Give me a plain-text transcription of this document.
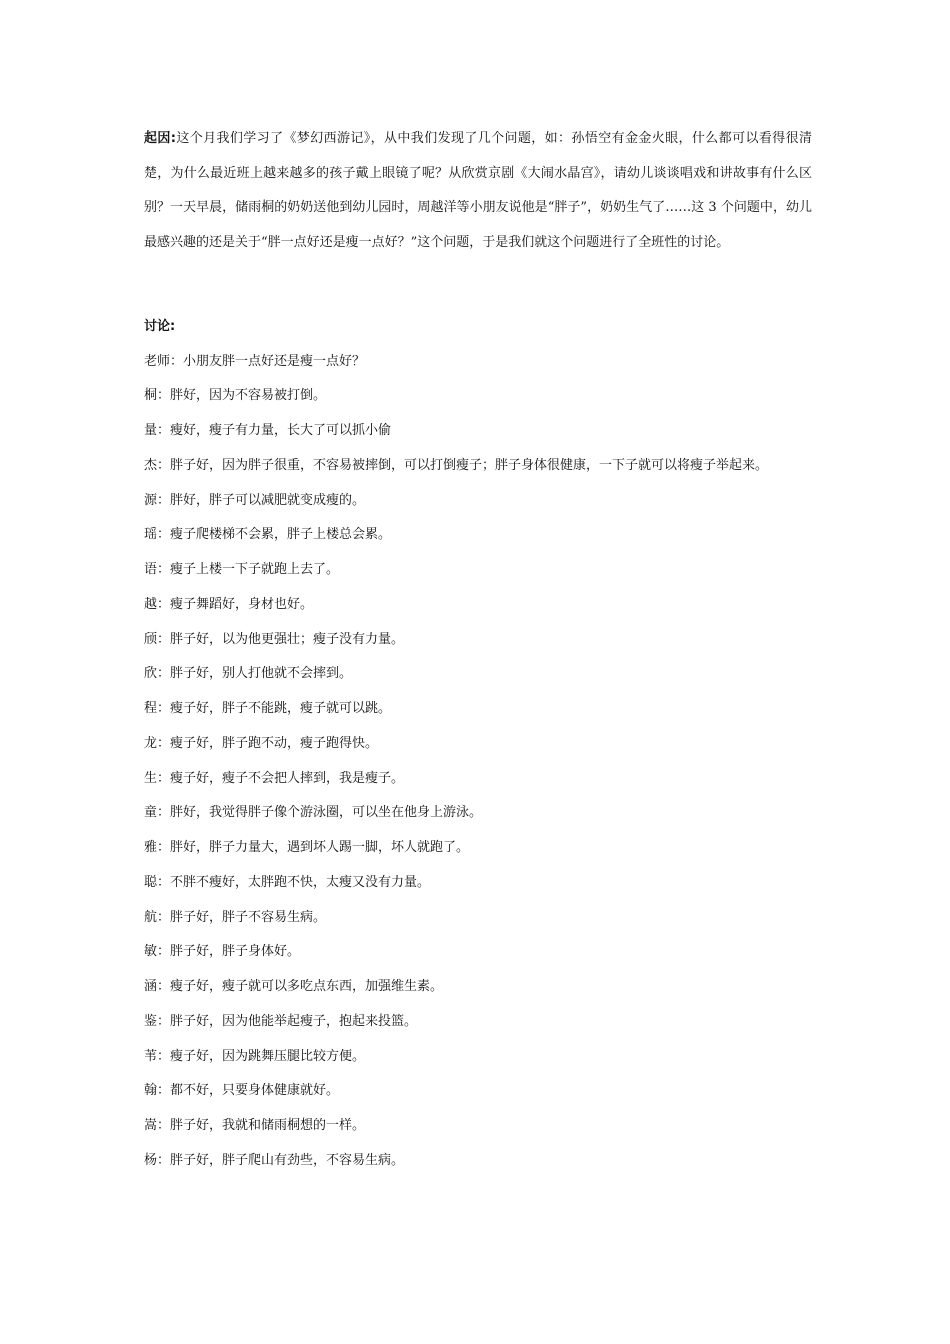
起因:这个月我们学习了《梦幻西游记》，从中我们发现了几个问题，如：孙悟空有金金火眼，什么都可以看得很清楚，为什么最近班上越来越多的孩子戴上眼镜了呢？从欣赏京剧《大闹水晶宫》，请幼儿谈谈唱戏和讲故事有什么区别？一天早晨，储雨桐的奶奶送他到幼儿园时，周越洋等小朋友说他是“胖子”，奶奶生气了……这 3 个问题中，幼儿最感兴趣的还是关于“胖一点好还是瘦一点好？”这个问题，于是我们就这个问题进行了全班性的讨论。

讨论:
老师：小朋友胖一点好还是瘦一点好？
桐：胖好，因为不容易被打倒。
量：瘦好，瘦子有力量，长大了可以抓小偷
杰：胖子好，因为胖子很重，不容易被摔倒，可以打倒瘦子；胖子身体很健康，一下子就可以将瘦子举起来。
源：胖好，胖子可以减肥就变成瘦的。
瑶：瘦子爬楼梯不会累，胖子上楼总会累。
语：瘦子上楼一下子就跑上去了。
越：瘦子舞蹈好，身材也好。
颀：胖子好，以为他更强壮；瘦子没有力量。
欣：胖子好，别人打他就不会摔到。
程：瘦子好，胖子不能跳，瘦子就可以跳。
龙：瘦子好，胖子跑不动，瘦子跑得快。
生：瘦子好，瘦子不会把人摔到，我是瘦子。
童：胖好，我觉得胖子像个游泳圈，可以坐在他身上游泳。
雅：胖好，胖子力量大，遇到坏人踢一脚，坏人就跑了。
聪：不胖不瘦好，太胖跑不快，太瘦又没有力量。
航：胖子好，胖子不容易生病。
敏：胖子好，胖子身体好。
涵：瘦子好，瘦子就可以多吃点东西，加强维生素。
鉴：胖子好，因为他能举起瘦子，抱起来投篮。
苇：瘦子好，因为跳舞压腿比较方便。
翰：都不好，只要身体健康就好。
嵩：胖子好，我就和储雨桐想的一样。
杨：胖子好，胖子爬山有劲些，不容易生病。
